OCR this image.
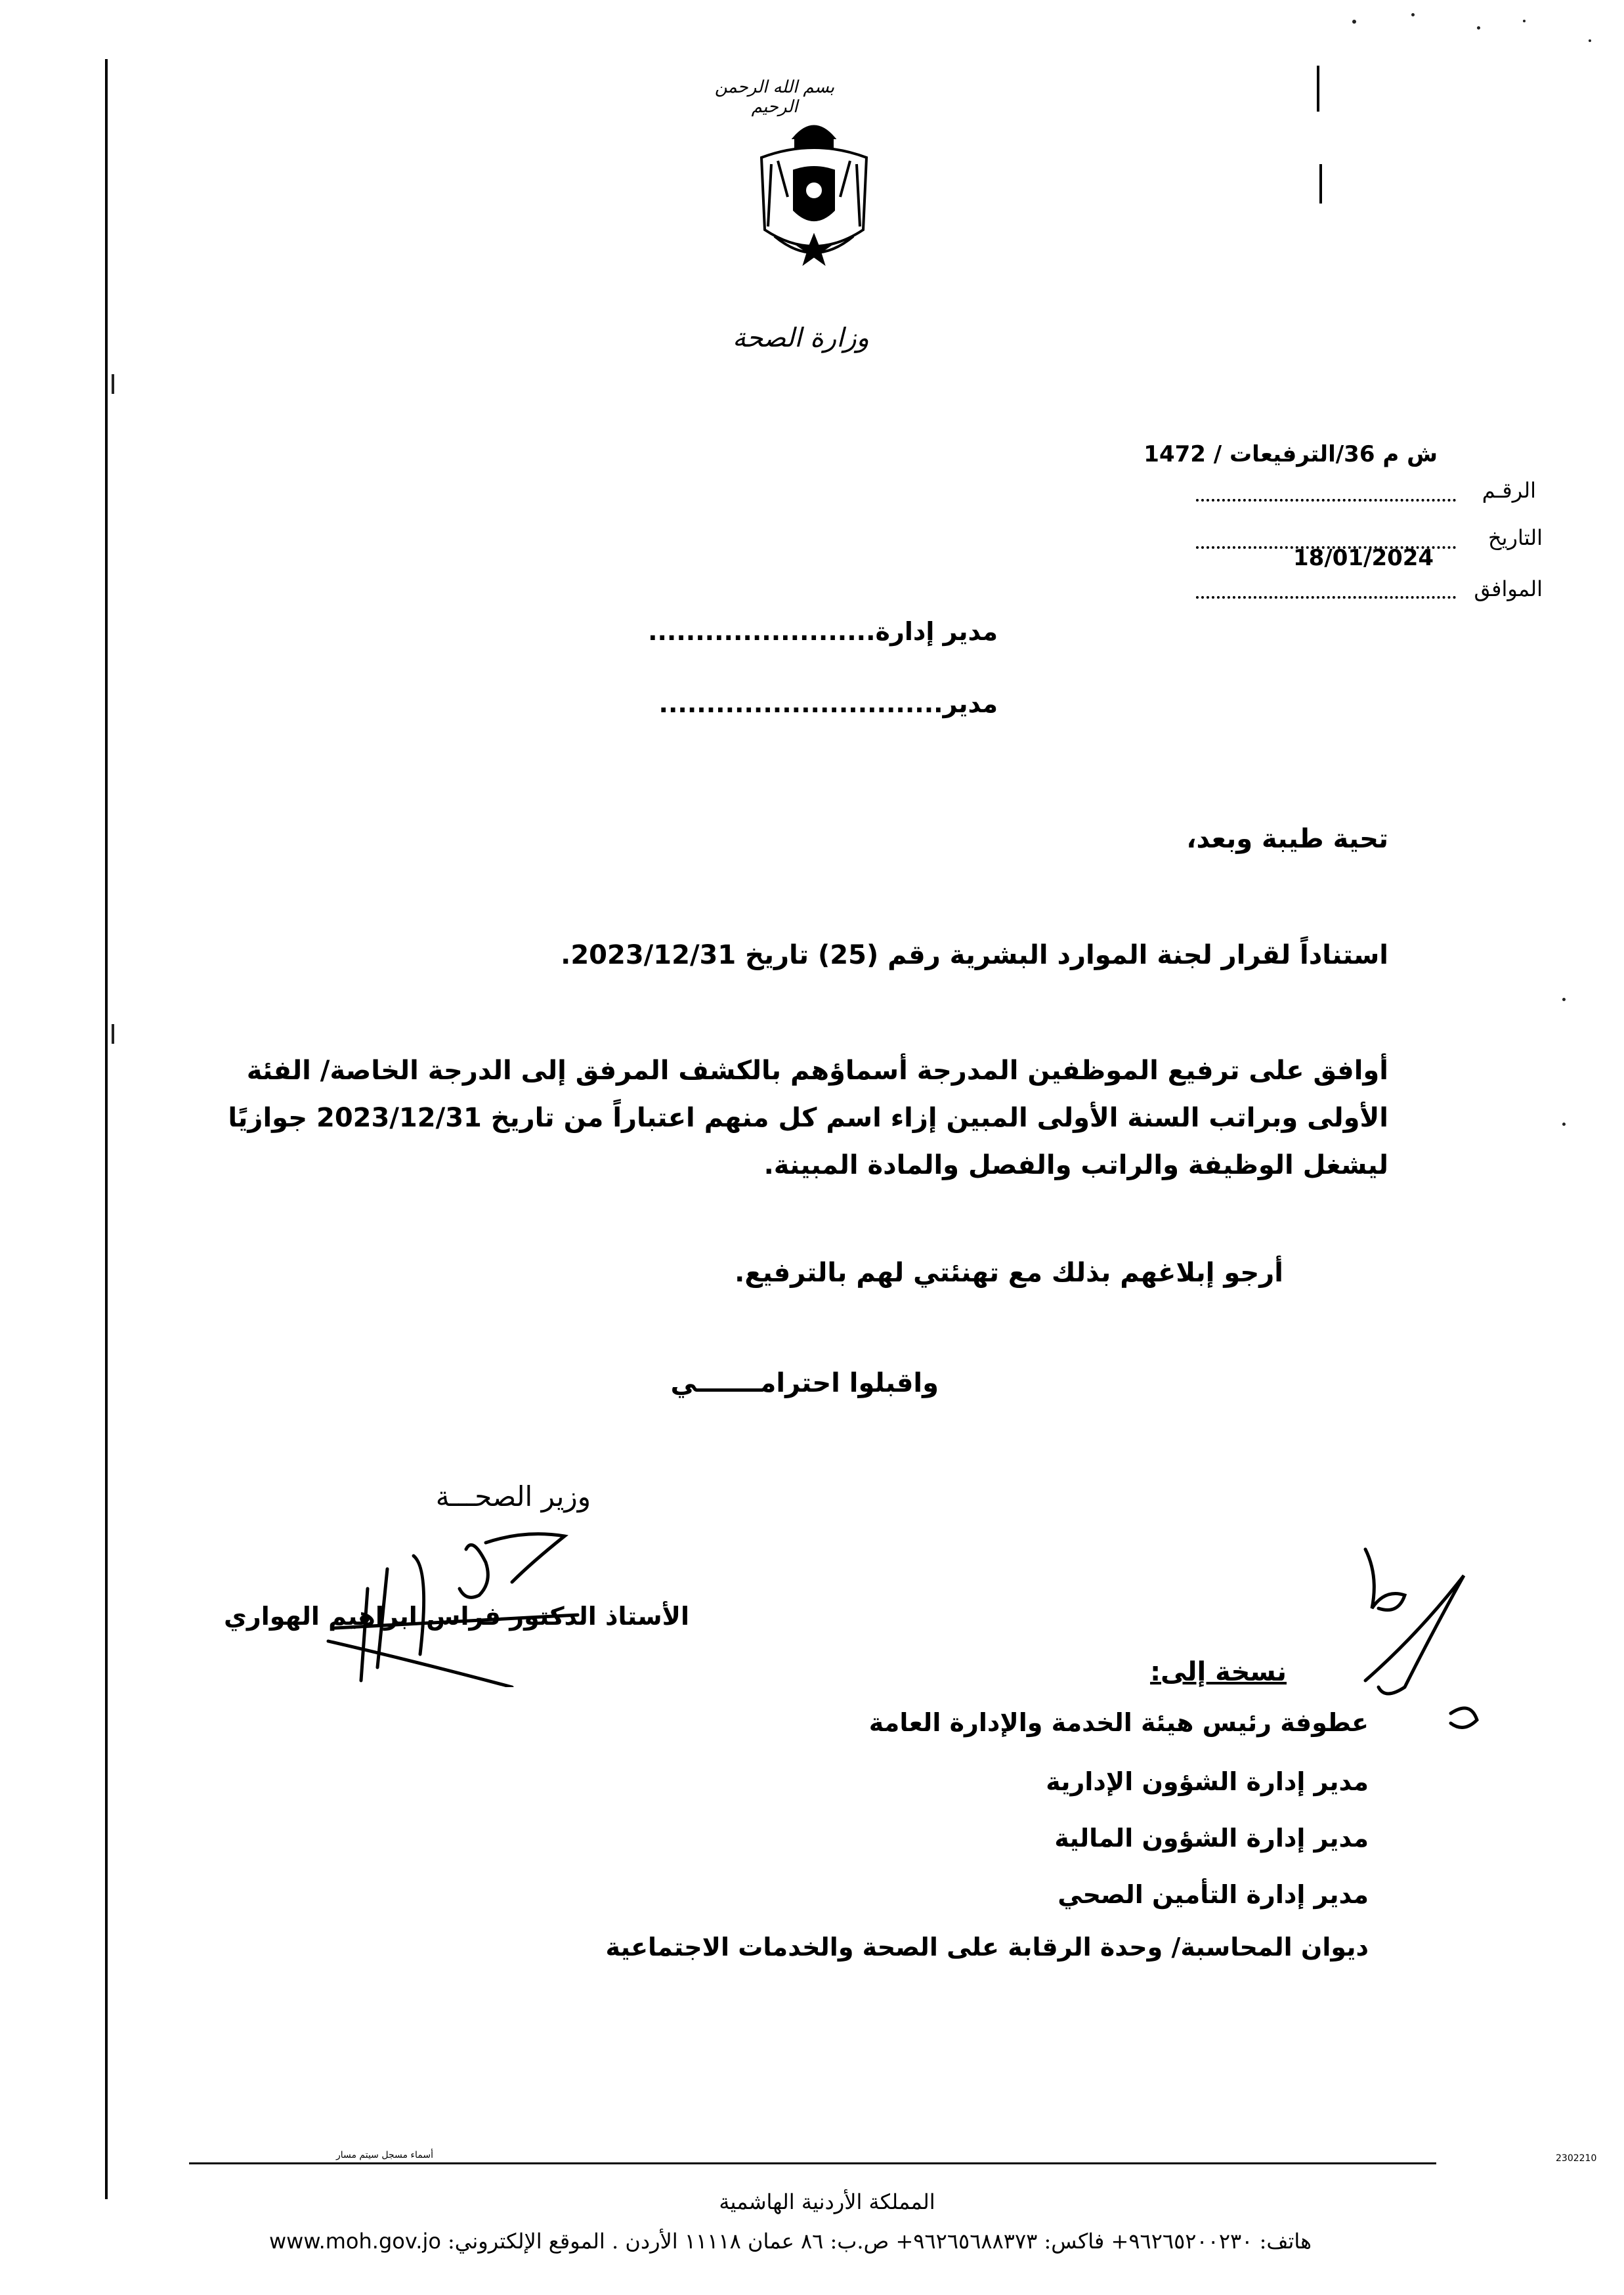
بسم الله الرحمن الرحيم
وزارة الصحة
ش م 36/الترفيعات / 1472
الرقـم
التاريخ
18/01/2024
الموافق
مدير إدارة........................
مدير..............................
تحية طيبة وبعد،
استناداً لقرار لجنة الموارد البشرية رقم (25) تاريخ 2023/12/31.
أوافق على ترفيع الموظفين المدرجة أسماؤهم بالكشف المرفق إلى الدرجة الخاصة/ الفئة
الأولى وبراتب السنة الأولى المبين إزاء اسم كل منهم اعتباراً من تاريخ 2023/12/31 جوازيًا
لیشغل الوظيفة والراتب والفصل والمادة المبينة.
أرجو إبلاغهم بذلك مع تهنئتي لهم بالترفيع.
واقبلوا احترامـــــــي
وزير الصحـــة
الأستاذ الدكتور فراس ابراهيم الهواري
نسخة إلى:
عطوفة رئيس هيئة الخدمة والإدارة العامة
مدير إدارة الشؤون الإدارية
مدير إدارة الشؤون المالية
مدير إدارة التأمين الصحي
ديوان المحاسبة/ وحدة الرقابة على الصحة والخدمات الاجتماعية
2302210
أسماء مسجل سيتم مسار
المملكة الأردنية الهاشمية
www.moh.gov.jo هاتف: ٩٦٢٦٥٢٠٠٢٣٠+ فاكس: ٩٦٢٦٥٦٨٨٣٧٣+ ص.ب: ٨٦ عمان ١١١١٨ الأردن . الموقع الإلكتروني:
